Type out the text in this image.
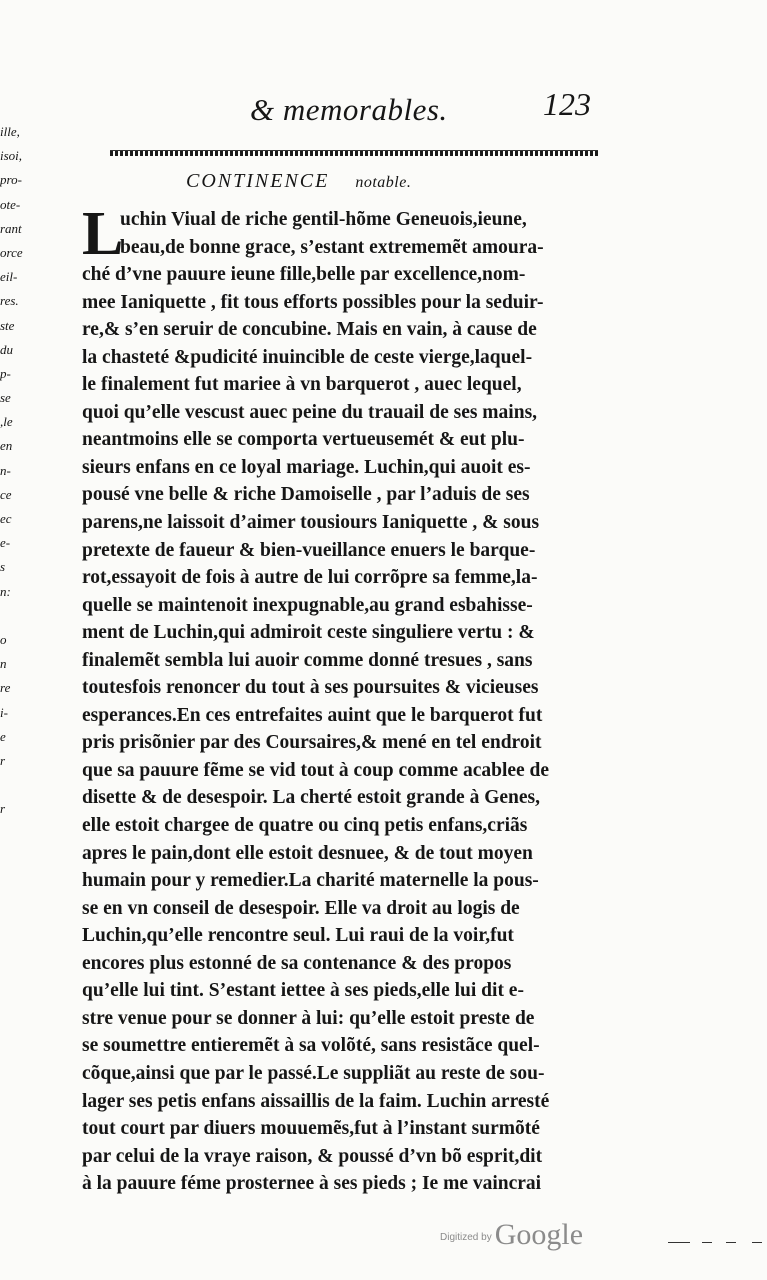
& memorables.	123
CONTINENCE notable.
ille,
isoi,
pro-
ote-
rant
orce
eil-
res.
ste
du
p-
se
,le
en
n-
ce
ec
e-
s
n:
o
n
re
i-
e
r
r
L
uchin Viual de riche gentil-hõme Geneuois,ieune,
beau,de bonne grace, s’estant extrememẽt amoura-
ché d’vne pauure ieune fille,belle par excellence,nom-
mee Ianiquette , fit tous efforts possibles pour la seduir-
re,& s’en seruir de concubine. Mais en vain, à cause de
la chasteté &pudicité inuincible de ceste vierge,laquel-
le finalement fut mariee à vn barquerot , auec lequel,
quoi qu’elle vescust auec peine du trauail de ses mains,
neantmoins elle se comporta vertueusemét & eut plu-
sieurs enfans en ce loyal mariage. Luchin,qui auoit es-
pousé vne belle & riche Damoiselle , par l’aduis de ses
parens,ne laissoit d’aimer tousiours Ianiquette , & sous
pretexte de faueur & bien-vueillance enuers le barque-
rot,essayoit de fois à autre de lui corrõpre sa femme,la-
quelle se maintenoit inexpugnable,au grand esbahisse-
ment de Luchin,qui admiroit ceste singuliere vertu : &
finalemẽt sembla lui auoir comme donné tresues , sans
toutesfois renoncer du tout à ses poursuites & vicieuses
esperances.En ces entrefaites auint que le barquerot fut
pris prisõnier par des Coursaires,& mené en tel endroit
que sa pauure fẽme se vid tout à coup comme acablee de
disette & de desespoir. La cherté estoit grande à Genes,
elle estoit chargee de quatre ou cinq petis enfans,criãs
apres le pain,dont elle estoit desnuee, & de tout moyen
humain pour y remedier.La charité maternelle la pous-
se en vn conseil de desespoir. Elle va droit au logis de
Luchin,qu’elle rencontre seul. Lui raui de la voir,fut
encores plus estonné de sa contenance & des propos
qu’elle lui tint. S’estant iettee à ses pieds,elle lui dit e-
stre venue pour se donner à lui: qu’elle estoit preste de
se soumettre entieremẽt à sa volõté, sans resistãce quel-
cõque,ainsi que par le passé.Le suppliãt au reste de sou-
lager ses petis enfans aissaillis de la faim. Luchin arresté
tout court par diuers mouuemẽs,fut à l’instant surmõté
par celui de la vraye raison, & poussé d’vn bõ esprit,dit
à la pauure féme prosternee à ses pieds ; Ie me vaincrai
$^{Digitized by}$ Google
